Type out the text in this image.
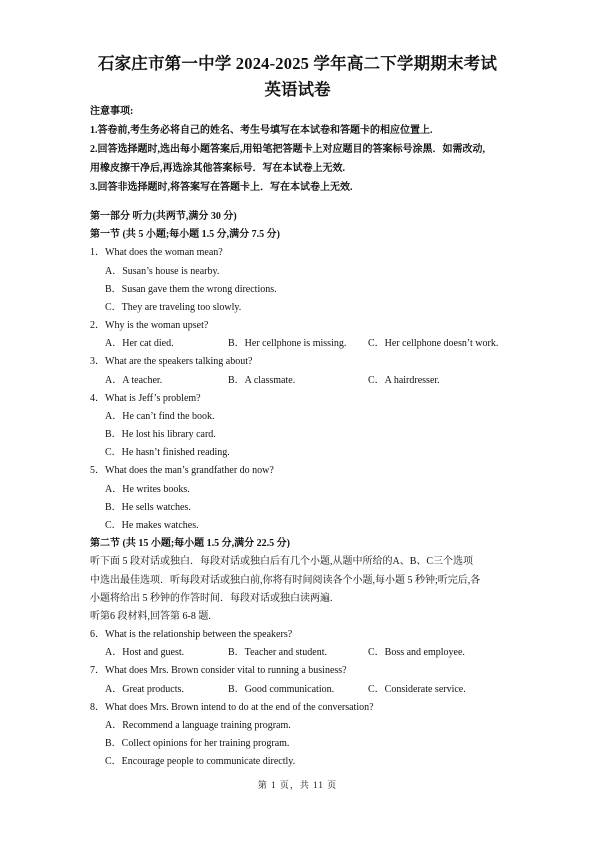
石家庄市第一中学 2024-2025 学年高二下学期期末考试
英语试卷
注意事项:
1.答卷前,考生务必将自己的姓名、考生号填写在本试卷和答题卡的相应位置上.
2.回答选择题时,选出每小题答案后,用铅笔把答题卡上对应题目的答案标号涂黑．如需改动,
用橡皮擦干净后,再选涂其他答案标号．写在本试卷上无效.
3.回答非选择题时,将答案写在答题卡上．写在本试卷上无效.
第一部分 听力(共两节,满分 30 分)
第一节 (共 5 小题;每小题 1.5 分,满分 7.5 分)
1．What does the woman mean?
A．Susan’s house is nearby.
B．Susan gave them the wrong directions.
C．They are traveling too slowly.
2．Why is the woman upset?
A．Her cat died.	B．Her cellphone is missing. C．Her cellphone doesn’t work.
3．What are the speakers talking about?
A．A teacher.	B．A classmate.	C．A hairdresser.
4．What is Jeff’s problem?
A．He can’t find the book.
B．He lost his library card.
C．He hasn’t finished reading.
5．What does the man’s grandfather do now?
A．He writes books.
B．He sells watches.
C．He makes watches.
第二节 (共 15 小题;每小题 1.5 分,满分 22.5 分)
听下面 5 段对话或独白．每段对话或独白后有几个小题,从题中所给的A、B、C三个选项
中选出最佳选项．听每段对话或独白前,你将有时间阅读各个小题,每小题 5 秒钟;听完后,各
小题将给出 5 秒钟的作答时间．每段对话或独白读两遍.
听第6 段材料,回答第 6-8 题.
6．What is the relationship between the speakers?
A．Host and guest.	B．Teacher and student.	C．Boss and employee.
7．What does Mrs. Brown consider vital to running a business?
A．Great products.	B．Good communication.	C．Considerate service.
8．What does Mrs. Brown intend to do at the end of the conversation?
A．Recommend a language training program.
B．Collect opinions for her training program.
C．Encourage people to communicate directly.
第 1 页，共 11 页
